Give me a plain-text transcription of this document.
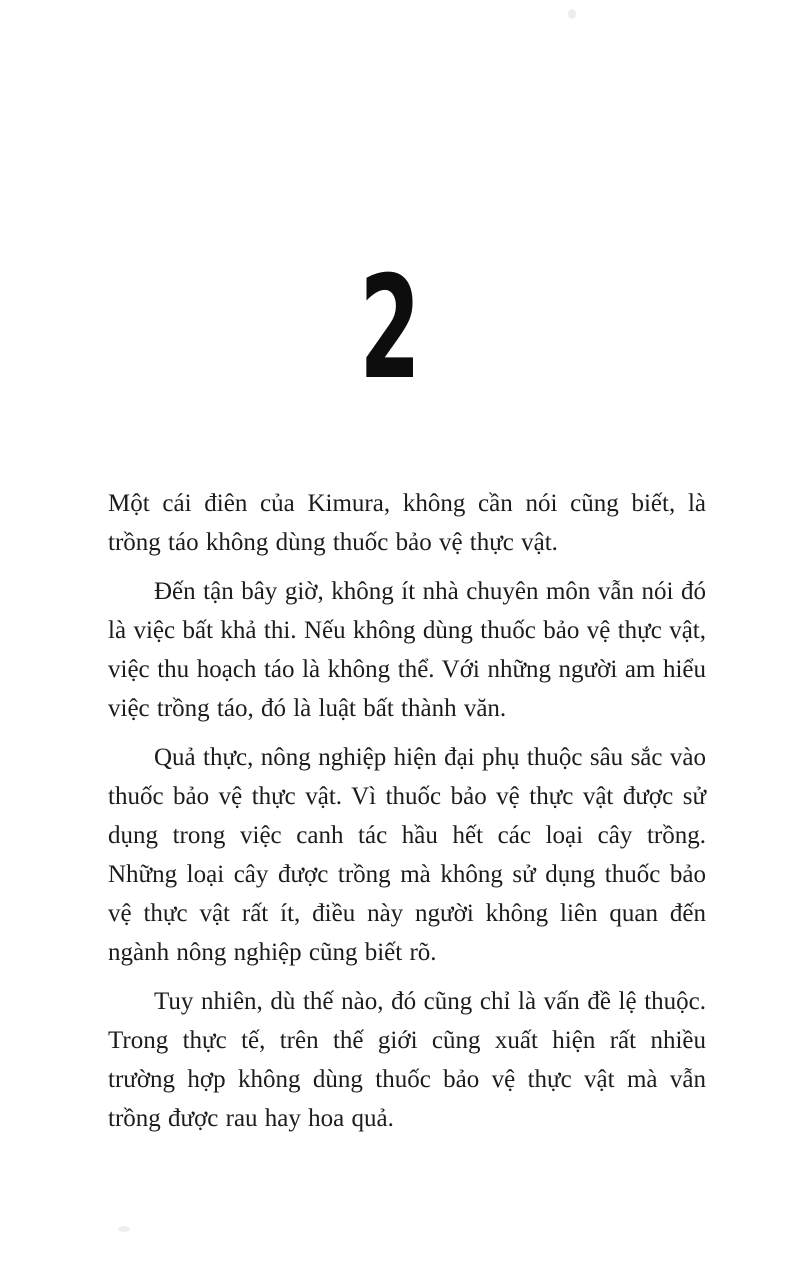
2

Một cái điên của Kimura, không cần nói cũng biết, là trồng táo không dùng thuốc bảo vệ thực vật.

Đến tận bây giờ, không ít nhà chuyên môn vẫn nói đó là việc bất khả thi. Nếu không dùng thuốc bảo vệ thực vật, việc thu hoạch táo là không thể. Với những người am hiểu việc trồng táo, đó là luật bất thành văn.

Quả thực, nông nghiệp hiện đại phụ thuộc sâu sắc vào thuốc bảo vệ thực vật. Vì thuốc bảo vệ thực vật được sử dụng trong việc canh tác hầu hết các loại cây trồng. Những loại cây được trồng mà không sử dụng thuốc bảo vệ thực vật rất ít, điều này người không liên quan đến ngành nông nghiệp cũng biết rõ.

Tuy nhiên, dù thế nào, đó cũng chỉ là vấn đề lệ thuộc. Trong thực tế, trên thế giới cũng xuất hiện rất nhiều trường hợp không dùng thuốc bảo vệ thực vật mà vẫn trồng được rau hay hoa quả.
